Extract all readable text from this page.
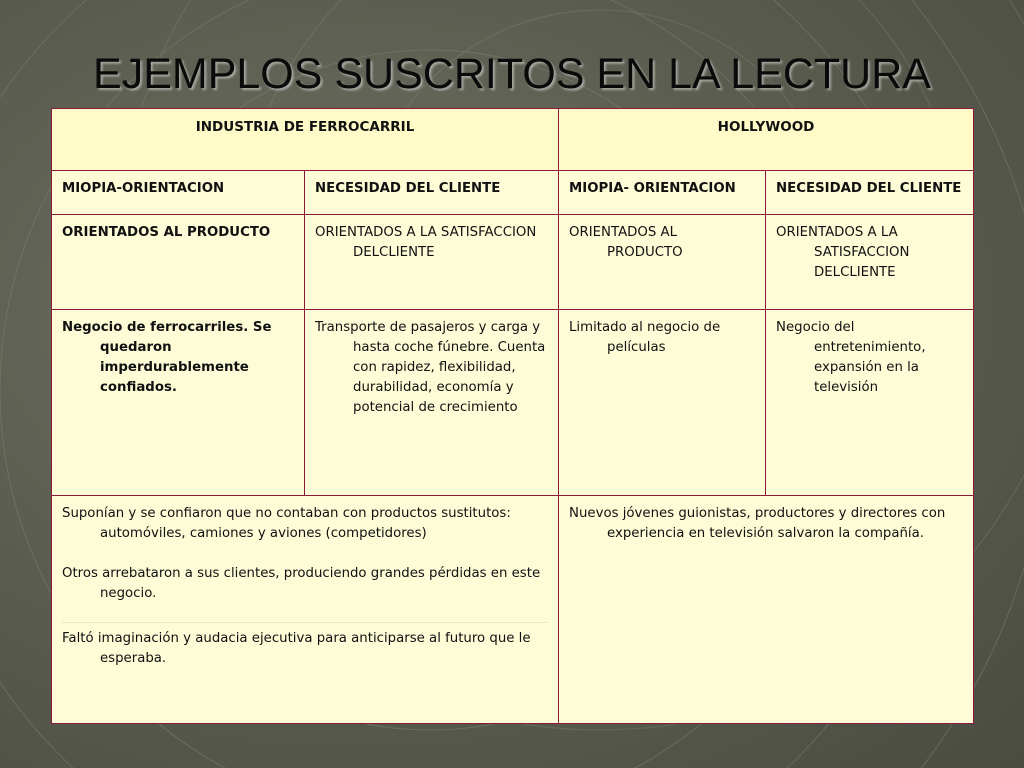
EJEMPLOS SUSCRITOS EN LA LECTURA
INDUSTRIA DE FERROCARRIL		HOLLYWOOD	
MIOPIA-ORIENTACION	NECESIDAD DEL CLIENTE	MIOPIA- ORIENTACION	NECESIDAD DEL CLIENTE

ORIENTADOS AL PRODUCTO	ORIENTADOS A LA SATISFACCION DELCLIENTE	ORIENTADOS AL PRODUCTO	ORIENTADOS A LA SATISFACCION DELCLIENTE

Negocio de ferrocarriles. Se quedaron imperdurablemente confiados.	Transporte de pasajeros y carga y hasta coche fúnebre. Cuenta con rapidez, flexibilidad, durabilidad, economía y potencial de crecimiento	Limitado al negocio de películas	Negocio del entretenimiento, expansión en la televisión

Suponían y se confiaron que no contaban con productos sustitutos: automóviles, camiones y aviones (competidores)
Otros arrebataron a sus clientes, produciendo grandes pérdidas en este negocio.
Faltó imaginación y audacia ejecutiva para anticiparse al futuro que le esperaba.		Nuevos jóvenes guionistas, productores y directores con experiencia en televisión salvaron la compañía.	
